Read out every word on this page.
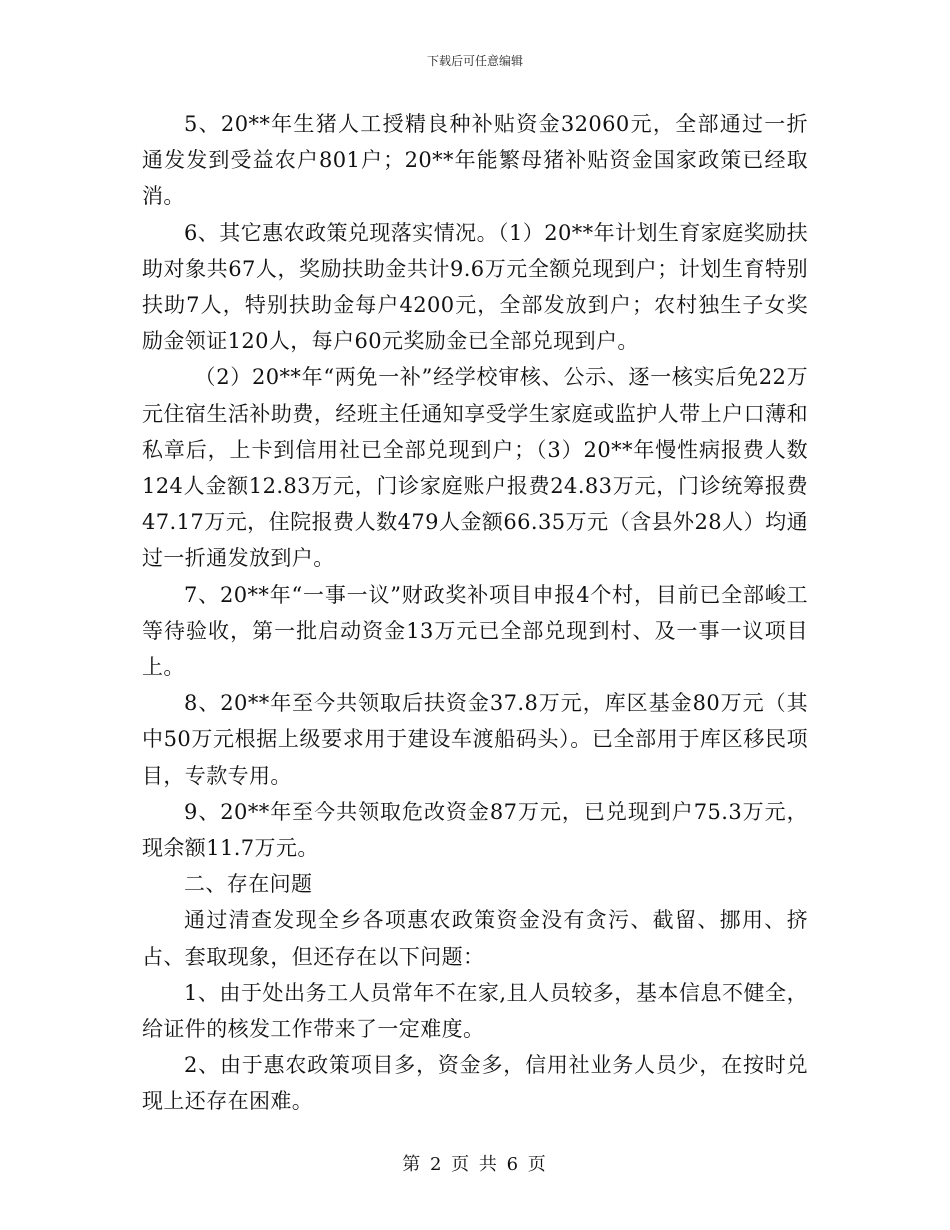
下载后可任意编辑

5、20**年生猪人工授精良种补贴资金32060元，全部通过一折通发发到受益农户801户；20**年能繁母猪补贴资金国家政策已经取消。

6、其它惠农政策兑现落实情况。（1）20**年计划生育家庭奖励扶助对象共67人，奖励扶助金共计9.6万元全额兑现到户；计划生育特别扶助7人，特别扶助金每户4200元，全部发放到户；农村独生子女奖励金领证120人，每户60元奖励金已全部兑现到户。

（2）20**年“两免一补”经学校审核、公示、逐一核实后免22万元住宿生活补助费，经班主任通知享受学生家庭或监护人带上户口薄和私章后，上卡到信用社已全部兑现到户；（3）20**年慢性病报费人数124人金额12.83万元，门诊家庭账户报费24.83万元，门诊统筹报费47.17万元，住院报费人数479人金额66.35万元（含县外28人）均通过一折通发放到户。

7、20**年“一事一议”财政奖补项目申报4个村，目前已全部峻工等待验收，第一批启动资金13万元已全部兑现到村、及一事一议项目上。

8、20**年至今共领取后扶资金37.8万元，库区基金80万元（其中50万元根据上级要求用于建设车渡船码头）。已全部用于库区移民项目，专款专用。

9、20**年至今共领取危改资金87万元，已兑现到户75.3万元，现余额11.7万元。

二、存在问题

通过清查发现全乡各项惠农政策资金没有贪污、截留、挪用、挤占、套取现象，但还存在以下问题：

1、由于处出务工人员常年不在家,且人员较多，基本信息不健全，给证件的核发工作带来了一定难度。

2、由于惠农政策项目多，资金多，信用社业务人员少，在按时兑现上还存在困难。

第 2 页 共 6 页
